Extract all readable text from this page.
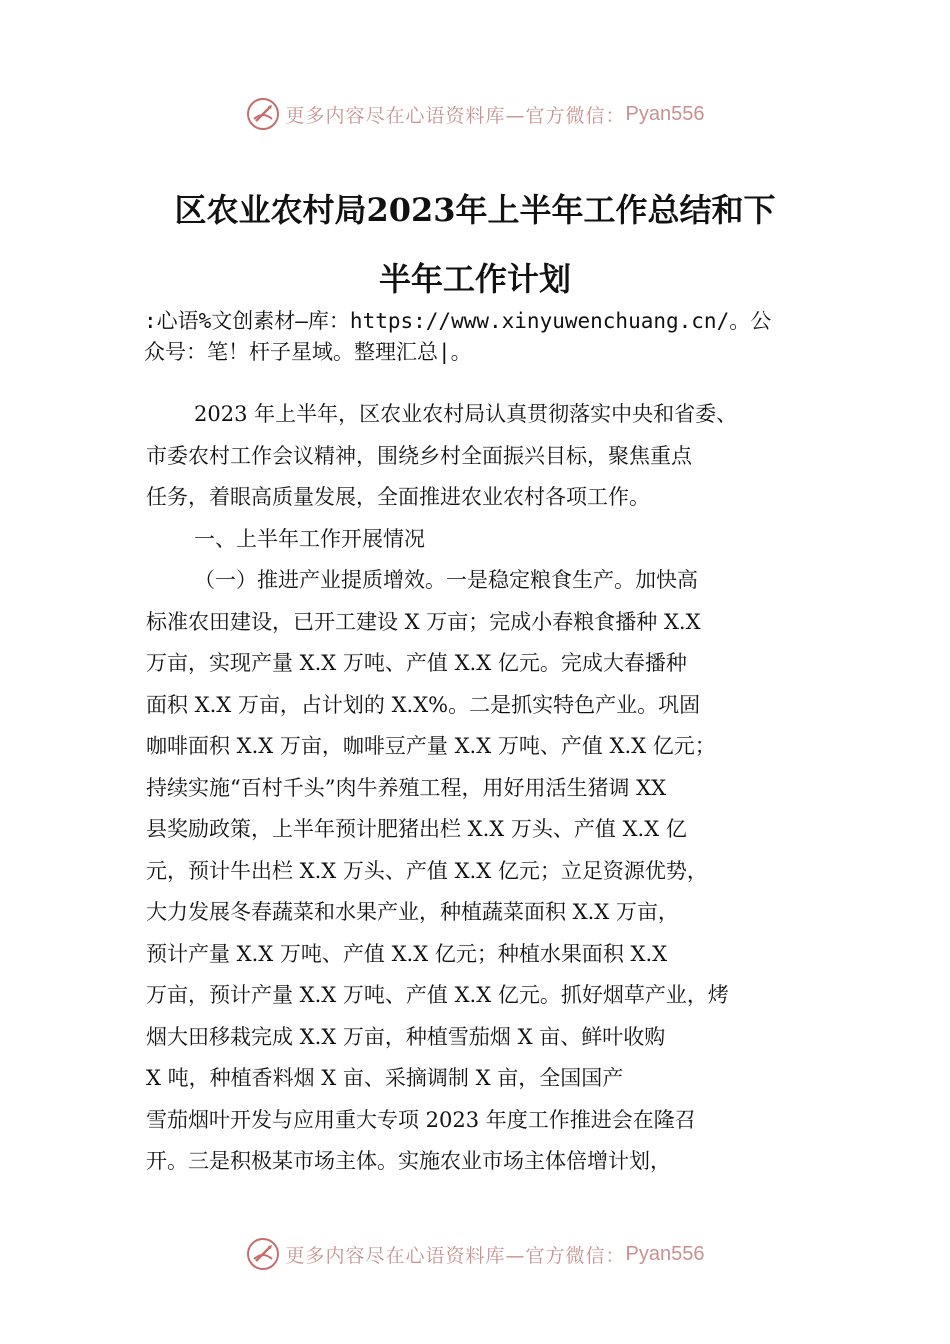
更多内容尽在心语资料库—官方微信： Pyan556
区农业农村局2023年上半年工作总结和下
半年工作计划
:心语%文创素材—库：https://www.xinyuwenchuang.cn/。公
众号：笔！杆子星域。整理汇总|。
2023 年上半年，区农业农村局认真贯彻落实中央和省委、
市委农村工作会议精神，围绕乡村全面振兴目标，聚焦重点
任务，着眼高质量发展，全面推进农业农村各项工作。
一、上半年工作开展情况
（一）推进产业提质增效。一是稳定粮食生产。加快高
标准农田建设，已开工建设 X 万亩；完成小春粮食播种 X.X
万亩，实现产量 X.X 万吨、产值 X.X 亿元。完成大春播种
面积 X.X 万亩，占计划的 X.X%。二是抓实特色产业。巩固
咖啡面积 X.X 万亩，咖啡豆产量 X.X 万吨、产值 X.X 亿元；
持续实施“百村千头”肉牛养殖工程，用好用活生猪调 XX
县奖励政策，上半年预计肥猪出栏 X.X 万头、产值 X.X 亿
元，预计牛出栏 X.X 万头、产值 X.X 亿元；立足资源优势，
大力发展冬春蔬菜和水果产业，种植蔬菜面积 X.X 万亩，
预计产量 X.X 万吨、产值 X.X 亿元；种植水果面积 X.X
万亩，预计产量 X.X 万吨、产值 X.X 亿元。抓好烟草产业，烤
烟大田移栽完成 X.X 万亩，种植雪茄烟 X 亩、鲜叶收购
X 吨，种植香料烟 X 亩、采摘调制 X 亩，全国国产
雪茄烟叶开发与应用重大专项 2023 年度工作推进会在隆召
开。三是积极某市场主体。实施农业市场主体倍增计划，
更多内容尽在心语资料库—官方微信： Pyan556
